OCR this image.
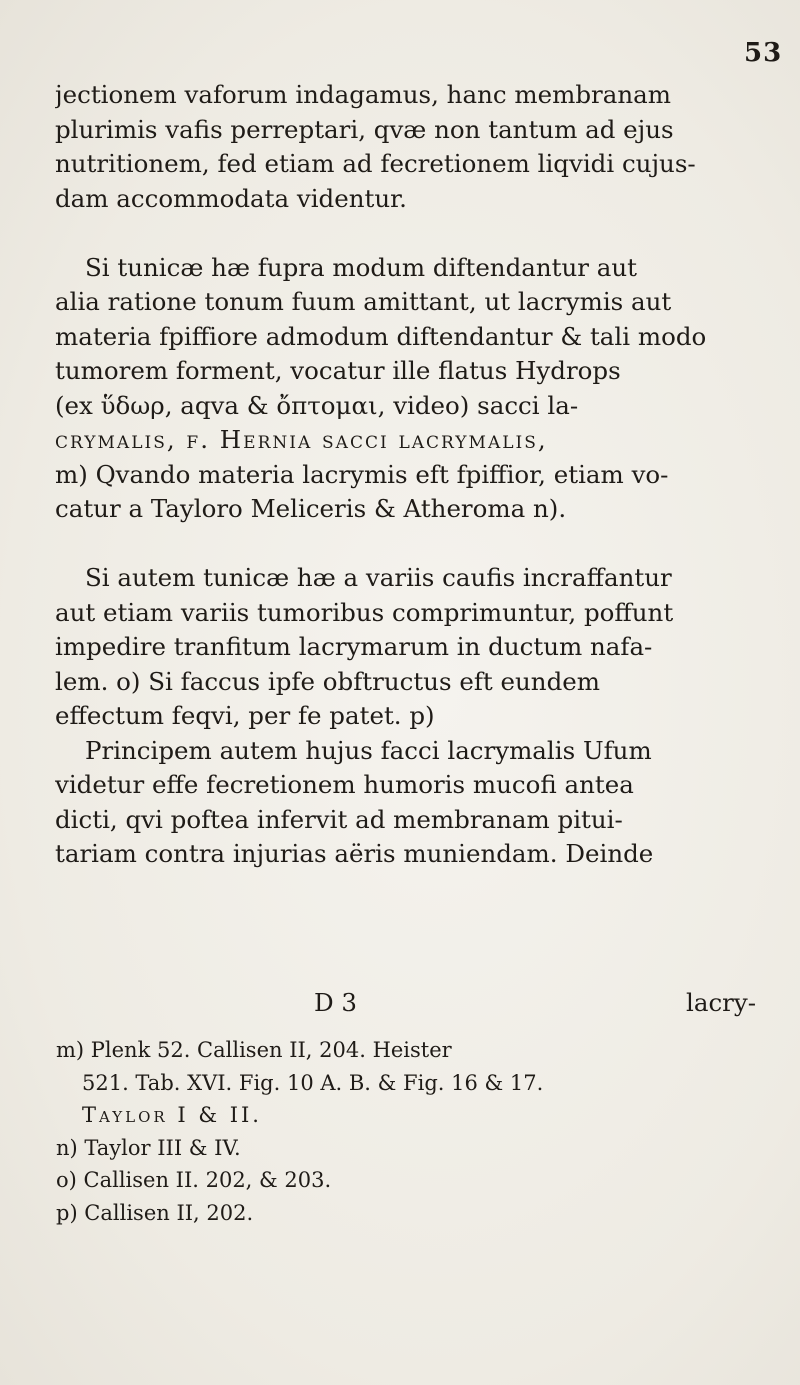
53
jectionem vaforum indagamus, hanc membranam
plurimis vafis perreptari, qvæ non tantum ad ejus
nutritionem, fed etiam ad fecretionem liqvidi cujus-
dam accommodata videntur.
Si tunicæ hæ fupra modum diftendantur aut
alia ratione tonum fuum amittant, ut lacrymis aut
materia fpiffiore admodum diftendantur & tali modo
tumorem forment, vocatur ille flatus Hydrops
(ex ὕδωρ, aqva & ὄπτομαι, video) sacci la-
crymalis, f. Hernia sacci lacrymalis,
m) Qvando materia lacrymis eft fpiffior, etiam vo-
catur a Tayloro Meliceris & Atheroma n).
Si autem tunicæ hæ a variis caufis incraffantur
aut etiam variis tumoribus comprimuntur, poffunt
impedire tranfitum lacrymarum in ductum nafa-
lem. o) Si faccus ipfe obftructus eft eundem
effectum feqvi, per fe patet. p)
Principem autem hujus facci lacrymalis Ufum
videtur effe fecretionem humoris mucofi antea
dicti, qvi poftea infervit ad membranam pitui-
tariam contra injurias aëris muniendam. Deinde
D 3	lacry-
m) Plenk 52. Callisen II, 204. Heister
521. Tab. XVI. Fig. 10 A. B. & Fig. 16 & 17.
Taylor I & II.
n) Taylor III & IV.
o) Callisen II. 202, & 203.
p) Callisen II, 202.
